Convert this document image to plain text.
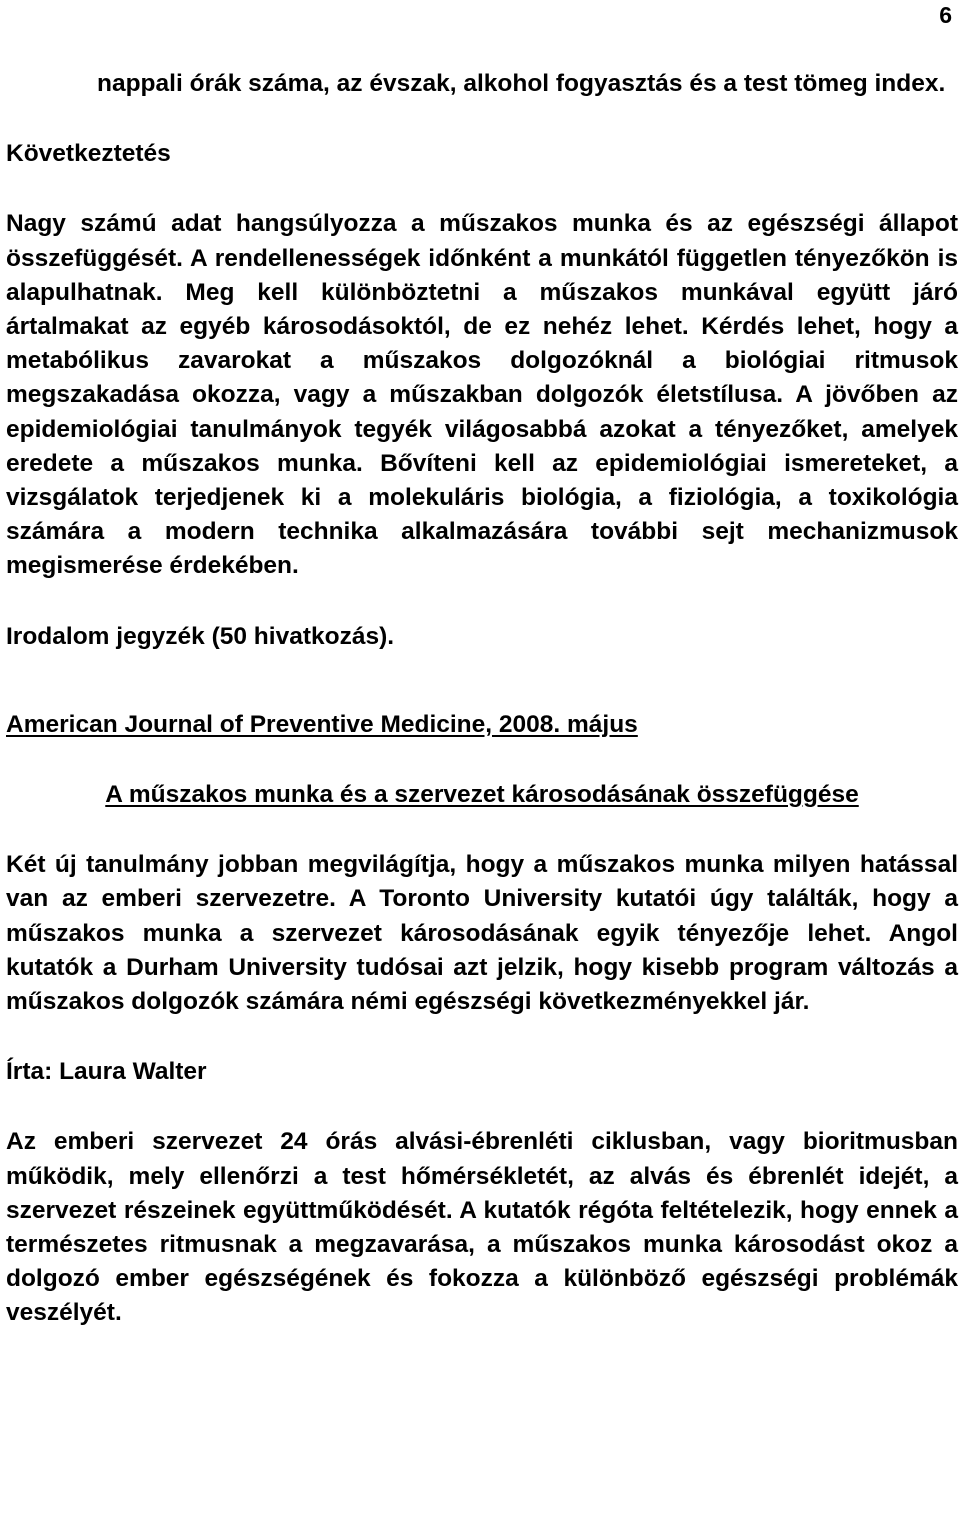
6

nappali órák száma, az évszak, alkohol fogyasztás és a test tömeg index.

Következtetés

Nagy számú adat hangsúlyozza a műszakos munka és az egészségi állapot összefüggését. A rendellenességek időnként a munkától független tényezőkön is alapulhatnak. Meg kell különböztetni a műszakos munkával együtt járó ártalmakat az egyéb károsodásoktól, de ez nehéz lehet. Kérdés lehet, hogy a metabólikus zavarokat a műszakos dolgozóknál a biológiai ritmusok megszakadása okozza, vagy a műszakban dolgozók életstílusa. A jövőben az epidemiológiai tanulmányok tegyék világosabbá azokat a tényezőket, amelyek eredete a műszakos munka. Bővíteni kell az epidemiológiai ismereteket, a vizsgálatok terjedjenek ki a molekuláris biológia, a fiziológia, a toxikológia számára a modern technika alkalmazására további sejt mechanizmusok megismerése érdekében.

Irodalom jegyzék (50 hivatkozás).

American Journal of Preventive Medicine, 2008. május

A műszakos munka és a szervezet károsodásának összefüggése

Két új tanulmány jobban megvilágítja, hogy a műszakos munka milyen hatással van az emberi szervezetre. A Toronto University kutatói úgy találták, hogy a műszakos munka a szervezet károsodásának egyik tényezője lehet. Angol kutatók a Durham University tudósai azt jelzik, hogy kisebb program változás a műszakos dolgozók számára némi egészségi következményekkel jár.

Írta: Laura Walter

Az emberi szervezet 24 órás alvási-ébrenléti ciklusban, vagy bioritmusban működik, mely ellenőrzi a test hőmérsékletét, az alvás és ébrenlét idejét, a szervezet részeinek együttműködését. A kutatók régóta feltételezik, hogy ennek a természetes ritmusnak a megzavarása, a műszakos munka károsodást okoz a dolgozó ember egészségének és fokozza a különböző egészségi problémák veszélyét.
